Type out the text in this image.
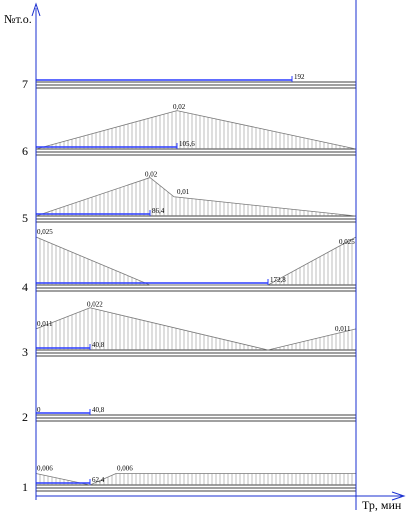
1	62,4
0,006	0,006
2	40,8
0
3	40,8
0,011
0,022
0,011
4	172,8
0,025
0,025
5	86,4
0,02
0,01
6	105,6
0,02
7	192
№т.о.
Тр, мин
